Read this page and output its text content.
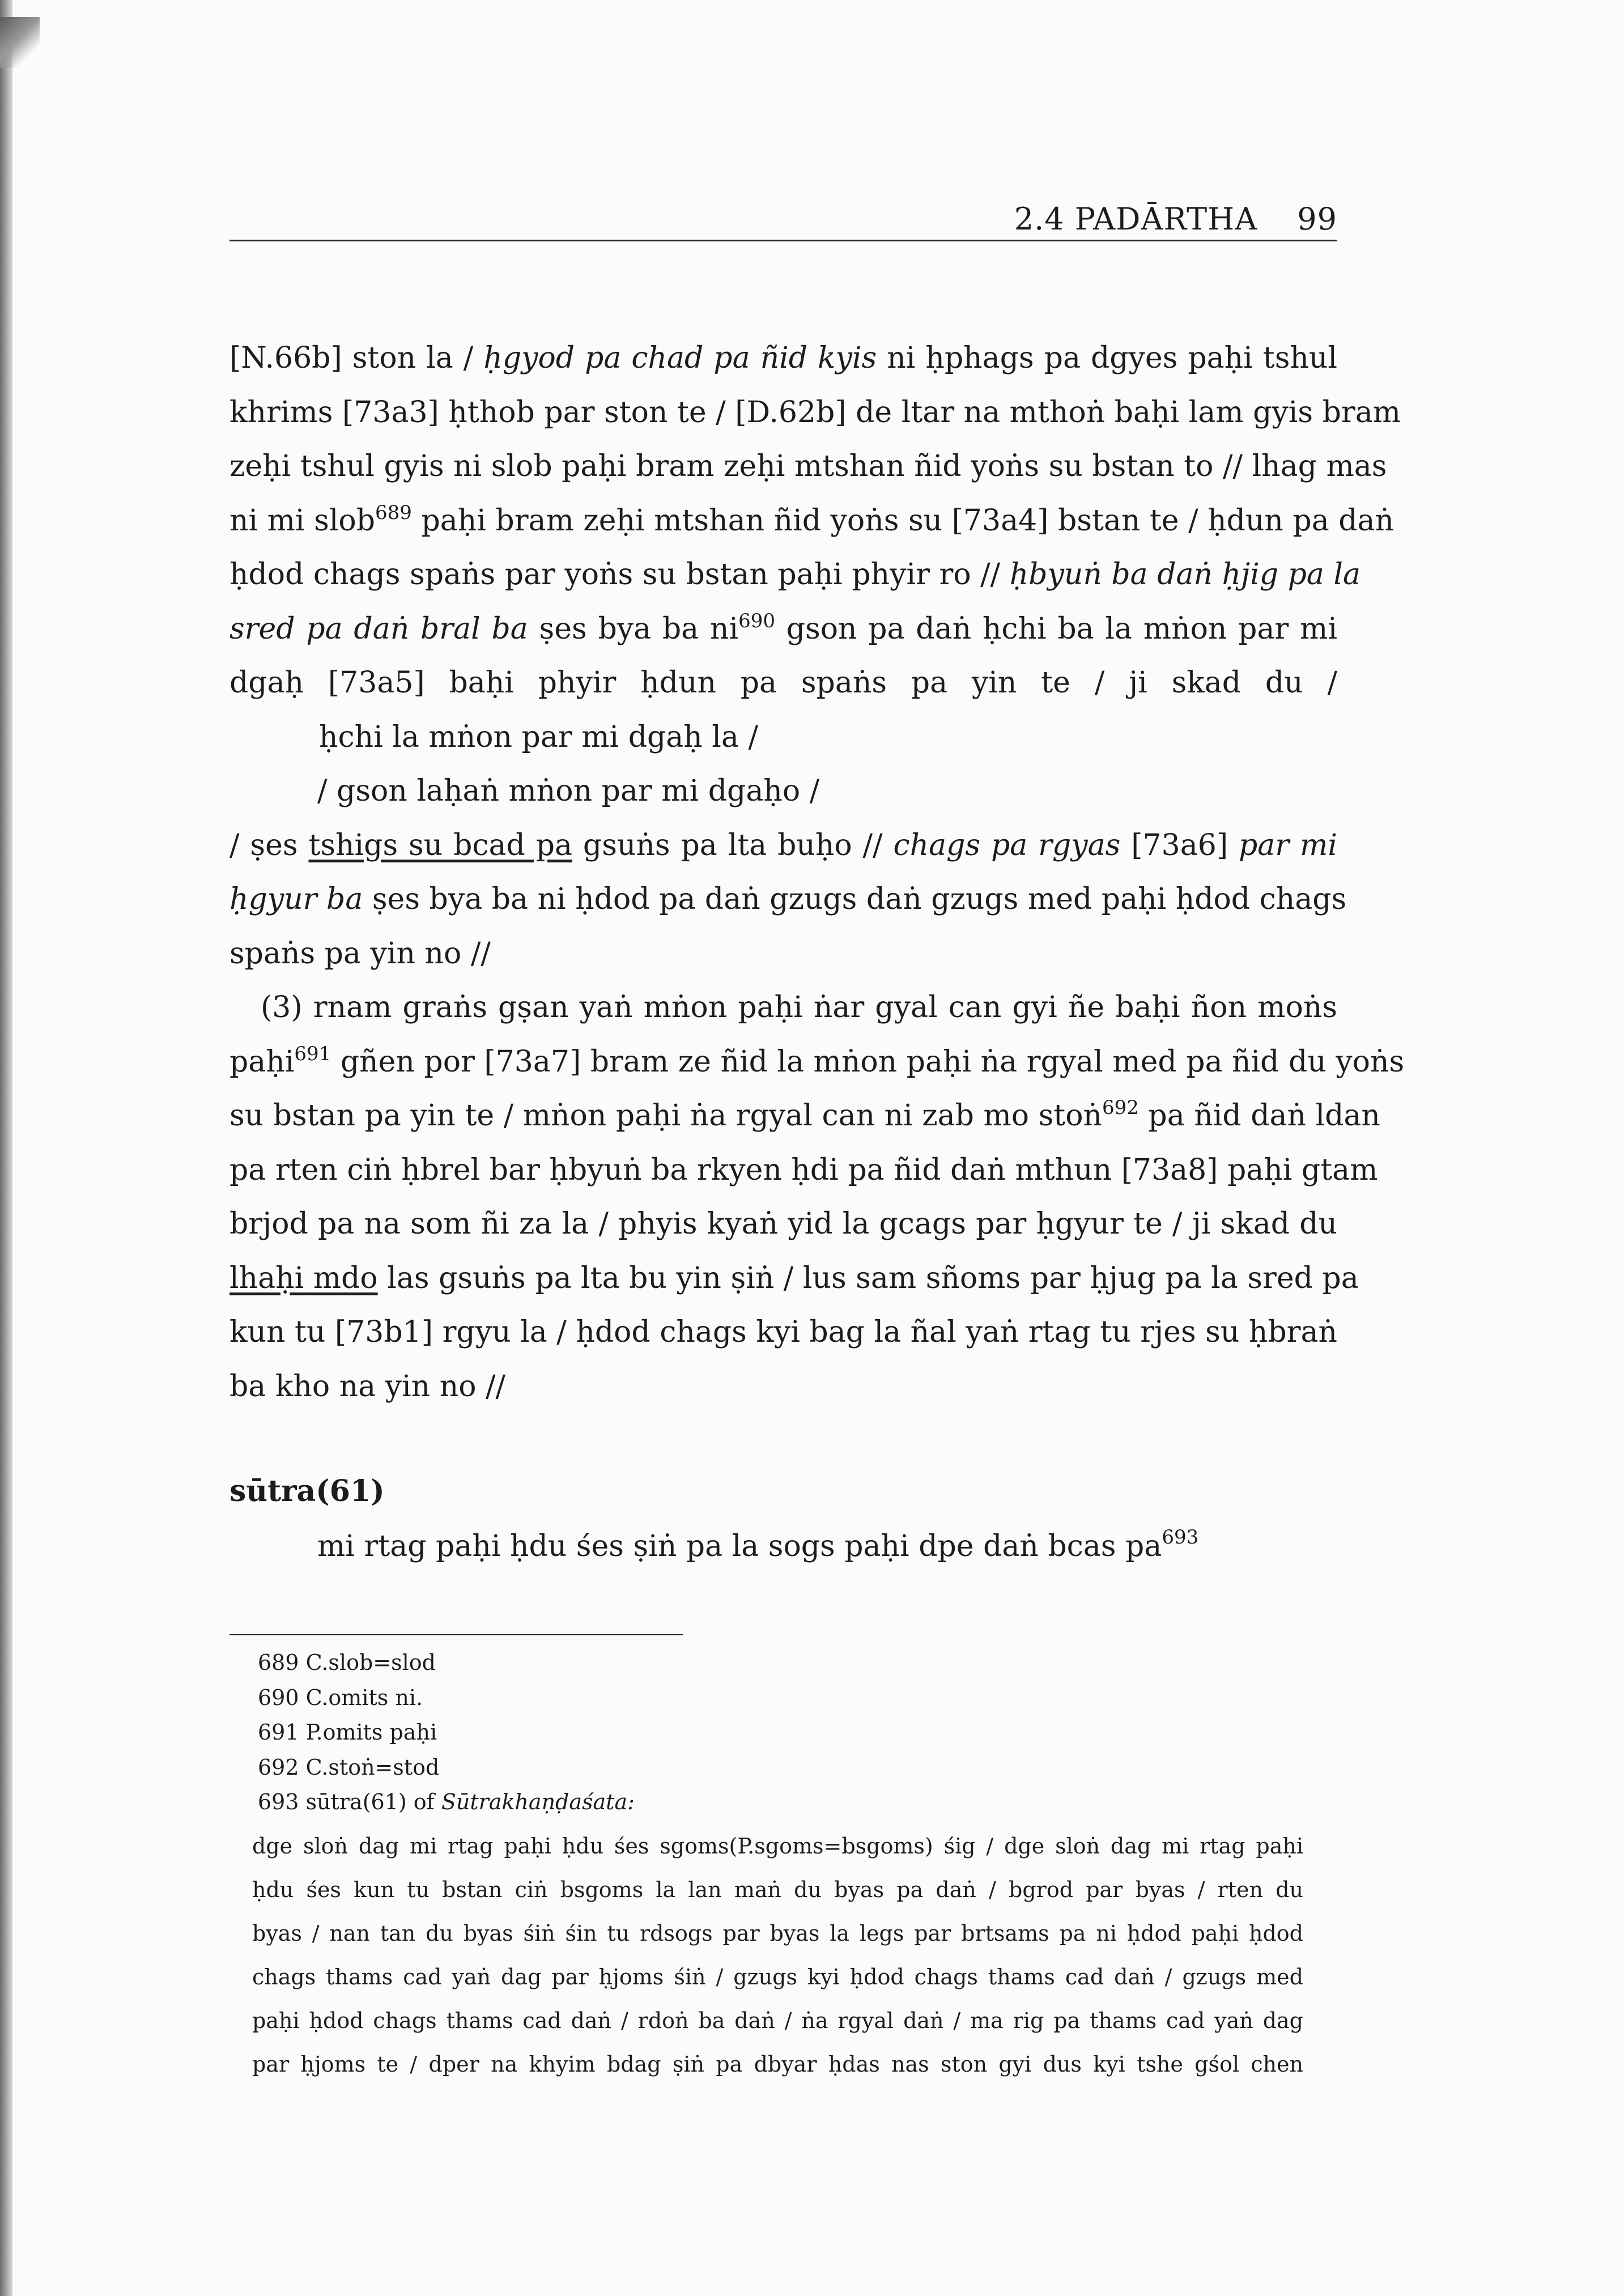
2.4 PADĀRTHA 99
[N.66b] ston la / ḥgyod pa chad pa ñid kyis ni ḥphags pa dgyes paḥi tshul
khrims [73a3] ḥthob par ston te / [D.62b] de ltar na mthoṅ baḥi lam gyis bram
zeḥi tshul gyis ni slob paḥi bram zeḥi mtshan ñid yoṅs su bstan to // lhag mas
ni mi slob$^{689}$ paḥi bram zeḥi mtshan ñid yoṅs su [73a4] bstan te / ḥdun pa daṅ
ḥdod chags spaṅs par yoṅs su bstan paḥi phyir ro // ḥbyuṅ ba daṅ ḥjig pa la
sred pa daṅ bral ba ṣes bya ba $ni^{690}$ gson pa daṅ ḥchi ba la mṅon par mi
dgaḥ [73a5] baḥi phyir ḥdun pa spaṅs pa yin te / ji skad du /
ḥchi la mṅon par mi dgaḥ la /
/ gson laḥaṅ mṅon par mi dgaḥo /
/ ṣes tshigs su bcad pa gsuṅs pa lta buḥo // chags pa rgyas [73a6] par mi
ḥgyur ba ṣes bya ba ni ḥdod pa daṅ gzugs daṅ gzugs med paḥi ḥdod chags
spaṅs pa yin no //
(3) rnam graṅs gṣan yaṅ mṅon paḥi ṅar gyal can gyi ñe baḥi ñon moṅs
paḥi$^{691}$ gñen por [73a7] bram ze ñid la mṅon paḥi ṅa rgyal med pa ñid du yoṅs
su bstan pa yin te / mṅon paḥi ṅa rgyal can ni zab mo stoṅ$^{692}$ pa ñid daṅ ldan
pa rten ciṅ ḥbrel bar ḥbyuṅ ba rkyen ḥdi pa ñid daṅ mthun [73a8] paḥi gtam
brjod pa na som ñi za la / phyis kyaṅ yid la gcags par ḥgyur te / ji skad du
lhaḥi mdo las gsuṅs pa lta bu yin ṣiṅ / lus sam sñoms par ḥjug pa la sred pa
kun tu [73b1] rgyu la / ḥdod chags kyi bag la ñal yaṅ rtag tu rjes su ḥbraṅ
ba kho na yin no //
sūtra(61)
mi rtag paḥi ḥdu śes ṣiṅ pa la sogs paḥi dpe daṅ bcas $pa^{693}$
689 C.slob=slod
690 C.omits ni.
691 P.omits paḥi
692 C.stoṅ=stod
693 sūtra(61) of Sūtrakhaṇḍaśata:
dge sloṅ dag mi rtag paḥi ḥdu śes sgoms(P.sgoms=bsgoms) śig / dge sloṅ dag mi rtag paḥi
ḥdu śes kun tu bstan ciṅ bsgoms la lan maṅ du byas pa daṅ / bgrod par byas / rten du
byas / nan tan du byas śiṅ śin tu rdsogs par byas la legs par brtsams pa ni ḥdod paḥi ḥdod
chags thams cad yaṅ dag par ḥjoms śiṅ / gzugs kyi ḥdod chags thams cad daṅ / gzugs med
paḥi ḥdod chags thams cad daṅ / rdoṅ ba daṅ / ṅa rgyal daṅ / ma rig pa thams cad yaṅ dag
par ḥjoms te / dper na khyim bdag ṣiṅ pa dbyar ḥdas nas ston gyi dus kyi tshe gśol chen
